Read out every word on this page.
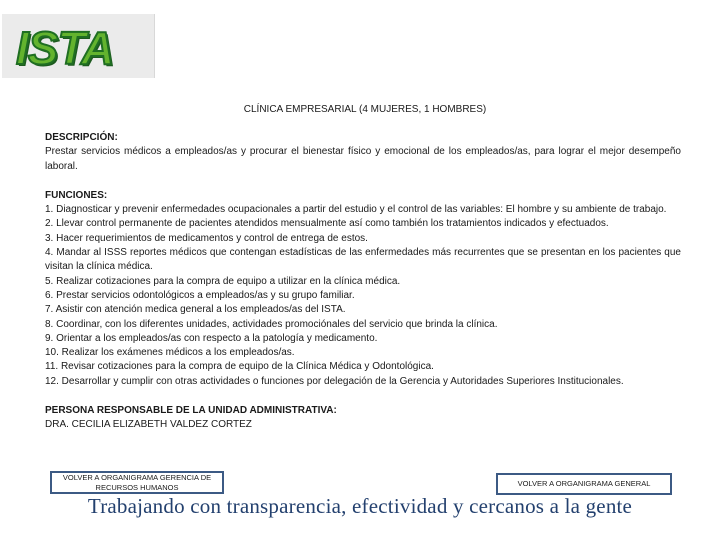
ISTA
CLÍNICA EMPRESARIAL (4 MUJERES, 1 HOMBRES)
DESCRIPCIÓN:
Prestar servicios médicos a empleados/as y procurar el bienestar físico y emocional de los empleados/as, para lograr el mejor desempeño laboral.
FUNCIONES:
1. Diagnosticar y prevenir enfermedades ocupacionales a partir del estudio y el control de las variables: El hombre y su ambiente de trabajo.
2. Llevar control permanente de pacientes atendidos mensualmente así como también los tratamientos indicados y efectuados.
3. Hacer requerimientos de medicamentos y control de entrega de estos.
4. Mandar al ISSS reportes médicos que contengan estadísticas de las enfermedades más recurrentes que se presentan en los pacientes que visitan la clínica médica.
5. Realizar cotizaciones para la compra de equipo a utilizar en la clínica médica.
6. Prestar servicios odontológicos a empleados/as y su grupo familiar.
7. Asistir con atención medica general a los empleados/as del ISTA.
8. Coordinar, con los diferentes unidades, actividades promociónales del servicio que brinda la clínica.
9. Orientar a los empleados/as con respecto a la patología y medicamento.
10. Realizar los exámenes médicos a los empleados/as.
11. Revisar cotizaciones para la compra de equipo de la Clínica Médica y Odontológica.
12. Desarrollar y cumplir con otras actividades o funciones por delegación de la Gerencia y Autoridades Superiores Institucionales.
PERSONA RESPONSABLE DE LA UNIDAD ADMINISTRATIVA:
DRA. CECILIA ELIZABETH VALDEZ CORTEZ
VOLVER A ORGANIGRAMA GERENCIA DE RECURSOS HUMANOS	VOLVER A ORGANIGRAMA GENERAL
Trabajando con transparencia, efectividad y cercanos a la gente
